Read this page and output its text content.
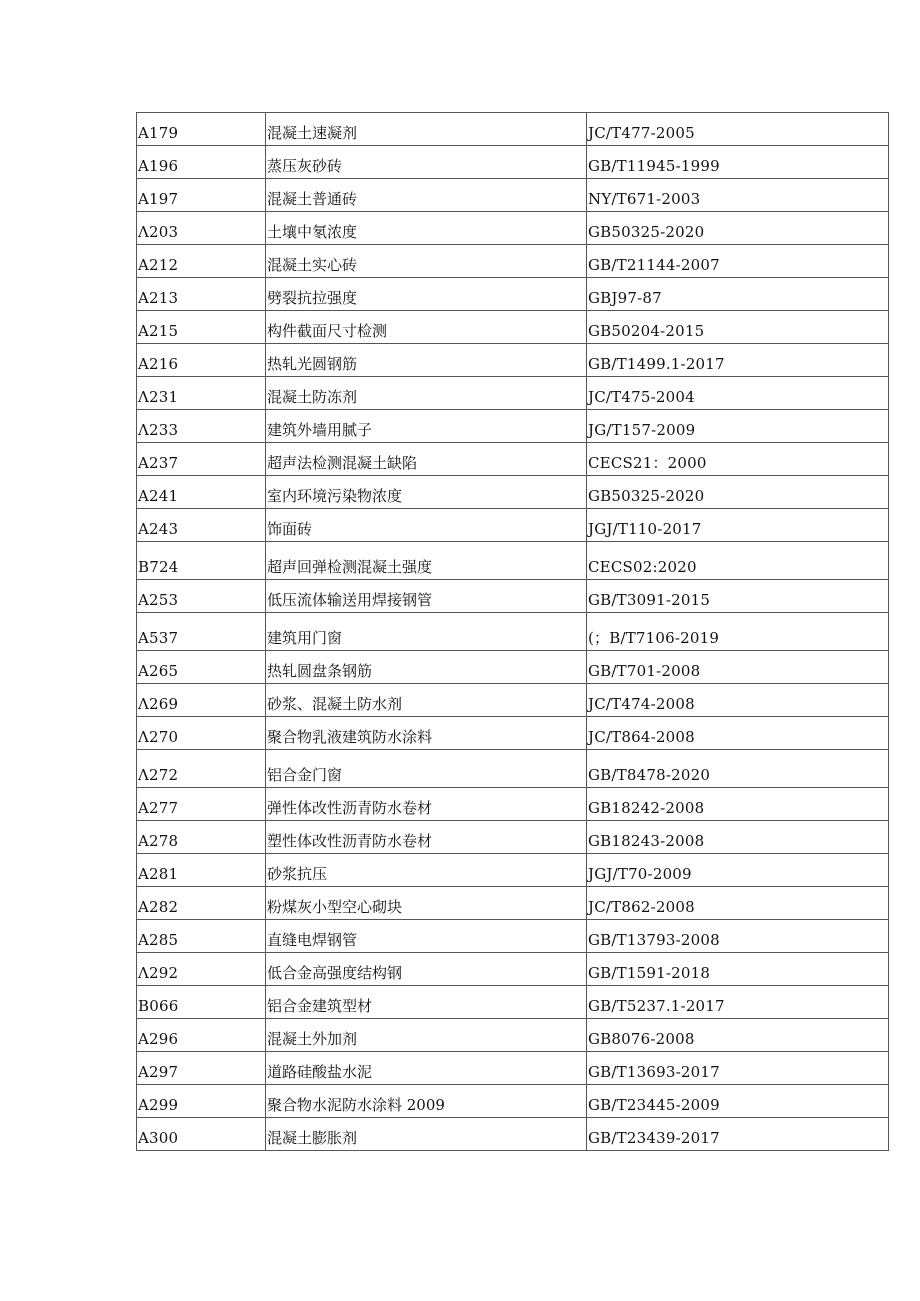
A179	混凝土速凝剂	JC/T477-2005
A196	蒸压灰砂砖	GB/T11945-1999
A197	混凝土普通砖	NY/T671-2003
Λ203	土壤中氡浓度	GB50325-2020
A212	混凝土实心砖	GB/T21144-2007
A213	劈裂抗拉强度	GBJ97-87
A215	构件截面尺寸检测	GB50204-2015
A216	热轧光圆钢筋	GB/T1499.1-2017
Λ231	混凝土防冻剂	JC/T475-2004
Λ233	建筑外墙用腻子	JG/T157-2009
A237	超声法检测混凝土缺陷	CECS21：2000
A241	室内环境污染物浓度	GB50325-2020
A243	饰面砖	JGJ/T110-2017
B724	超声回弹检测混凝土强度	CECS02:2020
A253	低压流体输送用焊接钢管	GB/T3091-2015
A537	建筑用门窗	(；B/T7106-2019
A265	热轧圆盘条钢筋	GB/T701-2008
Λ269	砂浆、混凝土防水剂	JC/T474-2008
Λ270	聚合物乳液建筑防水涂料	JC/T864-2008
Λ272	铝合金门窗	GB/T8478-2020
A277	弹性体改性沥青防水卷材	GB18242-2008
A278	塑性体改性沥青防水卷材	GB18243-2008
A281	砂浆抗压	JGJ/T70-2009
A282	粉煤灰小型空心砌块	JC/T862-2008
A285	直缝电焊钢管	GB/T13793-2008
Λ292	低合金高强度结构钢	GB/T1591-2018
B066	铝合金建筑型材	GB/T5237.1-2017
A296	混凝土外加剂	GB8076-2008
A297	道路硅酸盐水泥	GB/T13693-2017
A299	聚合物水泥防水涂料 2009	GB/T23445-2009
A300	混凝土膨胀剂	GB/T23439-2017
